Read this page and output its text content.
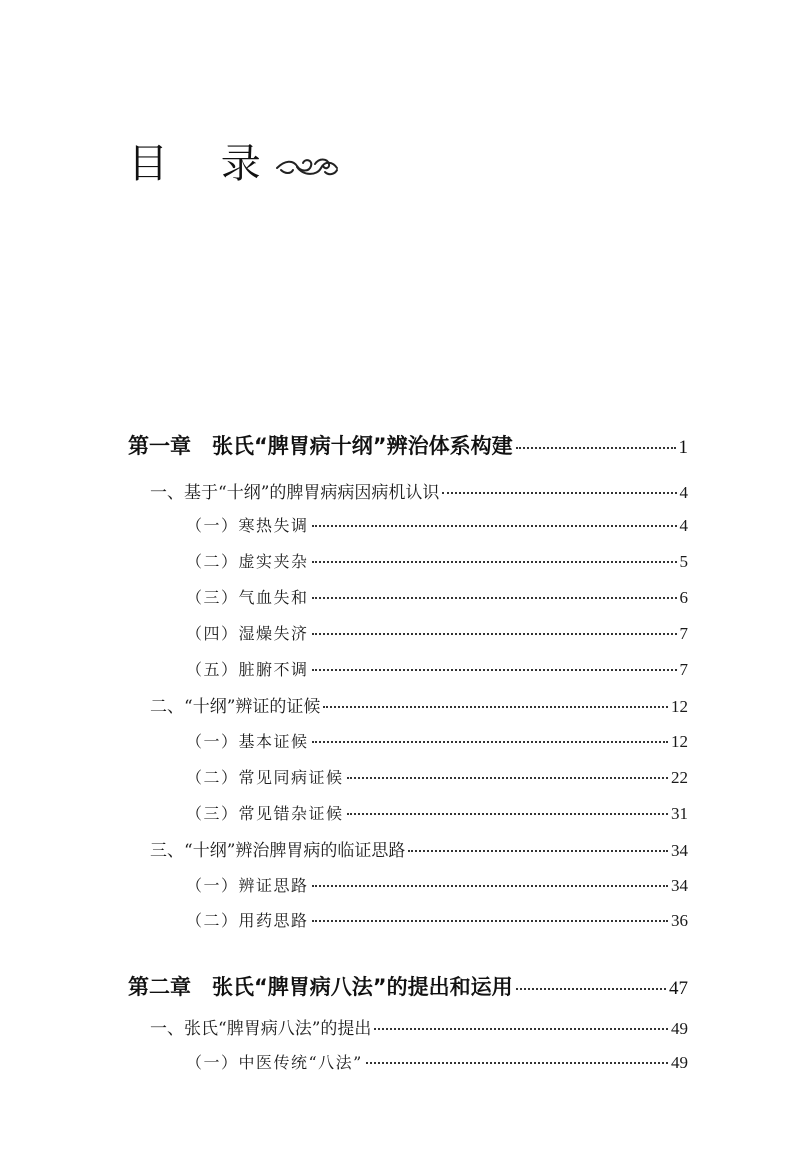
目 录
第一章　张氏“脾胃病十纲”辨治体系构建	1
一、基于“十纲”的脾胃病病因病机认识	4
（一）寒热失调	4
（二）虚实夹杂	5
（三）气血失和	6
（四）湿燥失济	7
（五）脏腑不调	7
二、“十纲”辨证的证候	12
（一）基本证候	12
（二）常见同病证候	22
（三）常见错杂证候	31
三、“十纲”辨治脾胃病的临证思路	34
（一）辨证思路	34
（二）用药思路	36
第二章　张氏“脾胃病八法”的提出和运用	47
一、张氏“脾胃病八法”的提出	49
（一）中医传统“八法”	49
